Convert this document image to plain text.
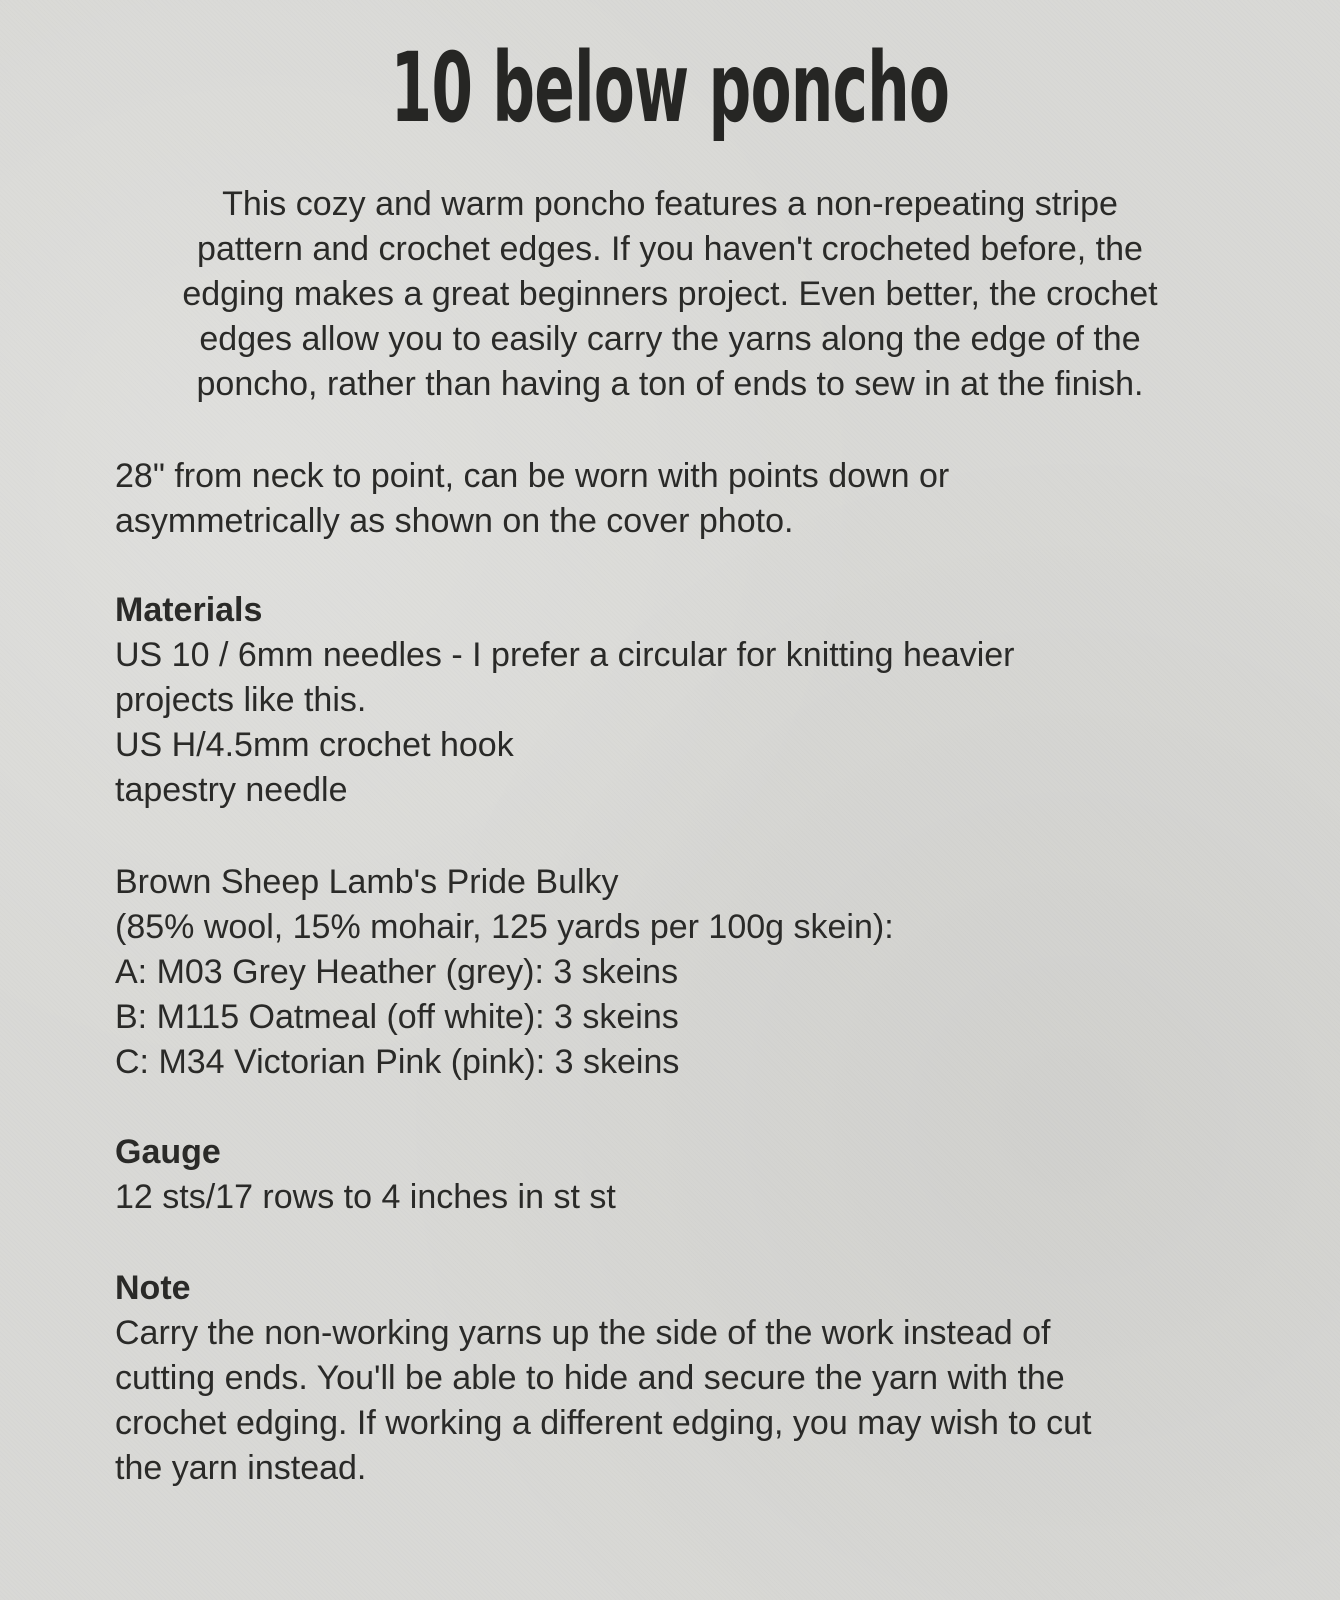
10 below poncho
This cozy and warm poncho features a non-repeating stripe
pattern and crochet edges. If you haven't crocheted before, the
edging makes a great beginners project. Even better, the crochet
edges allow you to easily carry the yarns along the edge of the
poncho, rather than having a ton of ends to sew in at the finish.
28" from neck to point, can be worn with points down or
asymmetrically as shown on the cover photo.
Materials
US 10 / 6mm needles - I prefer a circular for knitting heavier
projects like this.
US H/4.5mm crochet hook
tapestry needle
Brown Sheep Lamb's Pride Bulky
(85% wool, 15% mohair, 125 yards per 100g skein):
A: M03 Grey Heather (grey): 3 skeins
B: M115 Oatmeal (off white): 3 skeins
C: M34 Victorian Pink (pink): 3 skeins
Gauge
12 sts/17 rows to 4 inches in st st
Note
Carry the non-working yarns up the side of the work instead of
cutting ends. You'll be able to hide and secure the yarn with the
crochet edging. If working a different edging, you may wish to cut
the yarn instead.
